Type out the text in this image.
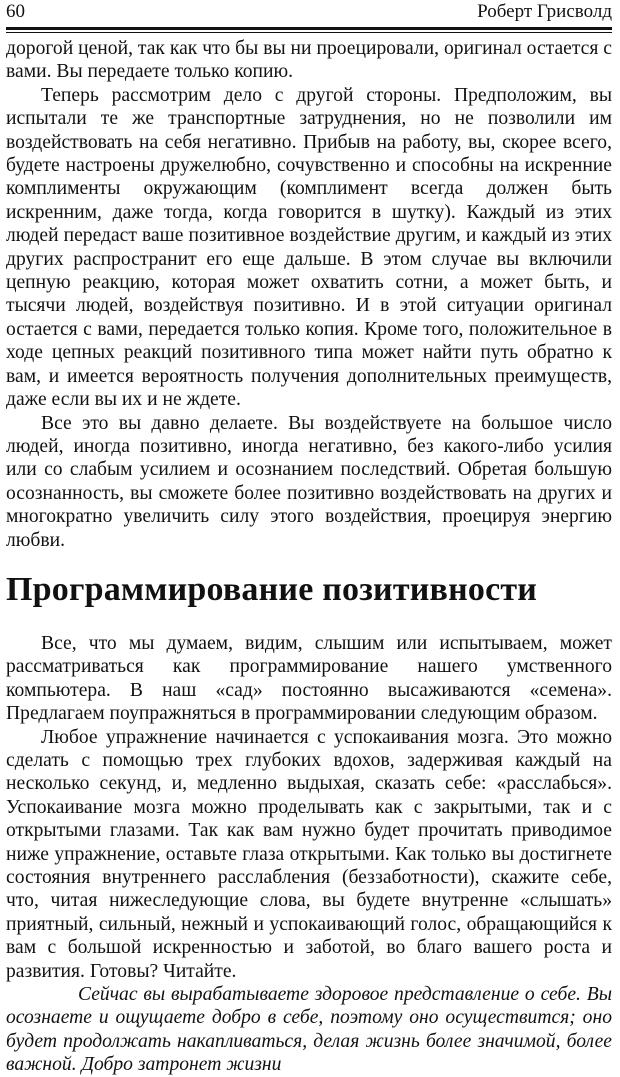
60	Роберт Грисволд

дорогой ценой, так как что бы вы ни проецировали, оригинал остается с вами. Вы передаете только копию.

Теперь рассмотрим дело с другой стороны. Предположим, вы испытали те же транспортные затруднения, но не позволили им воздействовать на себя негативно. Прибыв на работу, вы, скорее всего, будете настроены дружелюбно, сочувственно и способны на искренние комплименты окружающим (комплимент всегда должен быть искренним, даже тогда, когда говорится в шутку). Каждый из этих людей передаст ваше позитивное воздействие другим, и каждый из этих других распространит его еще дальше. В этом случае вы включили цепную реакцию, которая может охватить сотни, а может быть, и тысячи людей, воздействуя позитивно. И в этой ситуации оригинал остается с вами, передается только копия. Кроме того, положительное в ходе цепных реакций позитивного типа может найти путь обратно к вам, и имеется вероятность получения дополнительных преимуществ, даже если вы их и не ждете.

Все это вы давно делаете. Вы воздействуете на большое число людей, иногда позитивно, иногда негативно, без какого-либо усилия или со слабым усилием и осознанием последствий. Обретая большую осознанность, вы сможете более позитивно воздействовать на других и многократно увеличить силу этого воздействия, проецируя энергию любви.

Программирование позитивности

Все, что мы думаем, видим, слышим или испытываем, может рассматриваться как программирование нашего умственного компьютера. В наш «сад» постоянно высаживаются «семена». Предлагаем поупражняться в программировании следующим образом.

Любое упражнение начинается с успокаивания мозга. Это можно сделать с помощью трех глубоких вдохов, задерживая каждый на несколько секунд, и, медленно выдыхая, сказать себе: «расслабься». Успокаивание мозга можно проделывать как с закрытыми, так и с открытыми глазами. Так как вам нужно будет прочитать приводимое ниже упражнение, оставьте глаза открытыми. Как только вы достигнете состояния внутреннего расслабления (беззаботности), скажите себе, что, читая нижеследующие слова, вы будете внутренне «слышать» приятный, сильный, нежный и успокаивающий голос, обращающийся к вам с большой искренностью и заботой, во благо вашего роста и развития. Готовы? Читайте.

Сейчас вы вырабатываете здоровое представление о себе. Вы осознаете и ощущаете добро в себе, поэтому оно осуществится; оно будет продолжать накапливаться, делая жизнь более значимой, более важной. Добро затронет жизни
